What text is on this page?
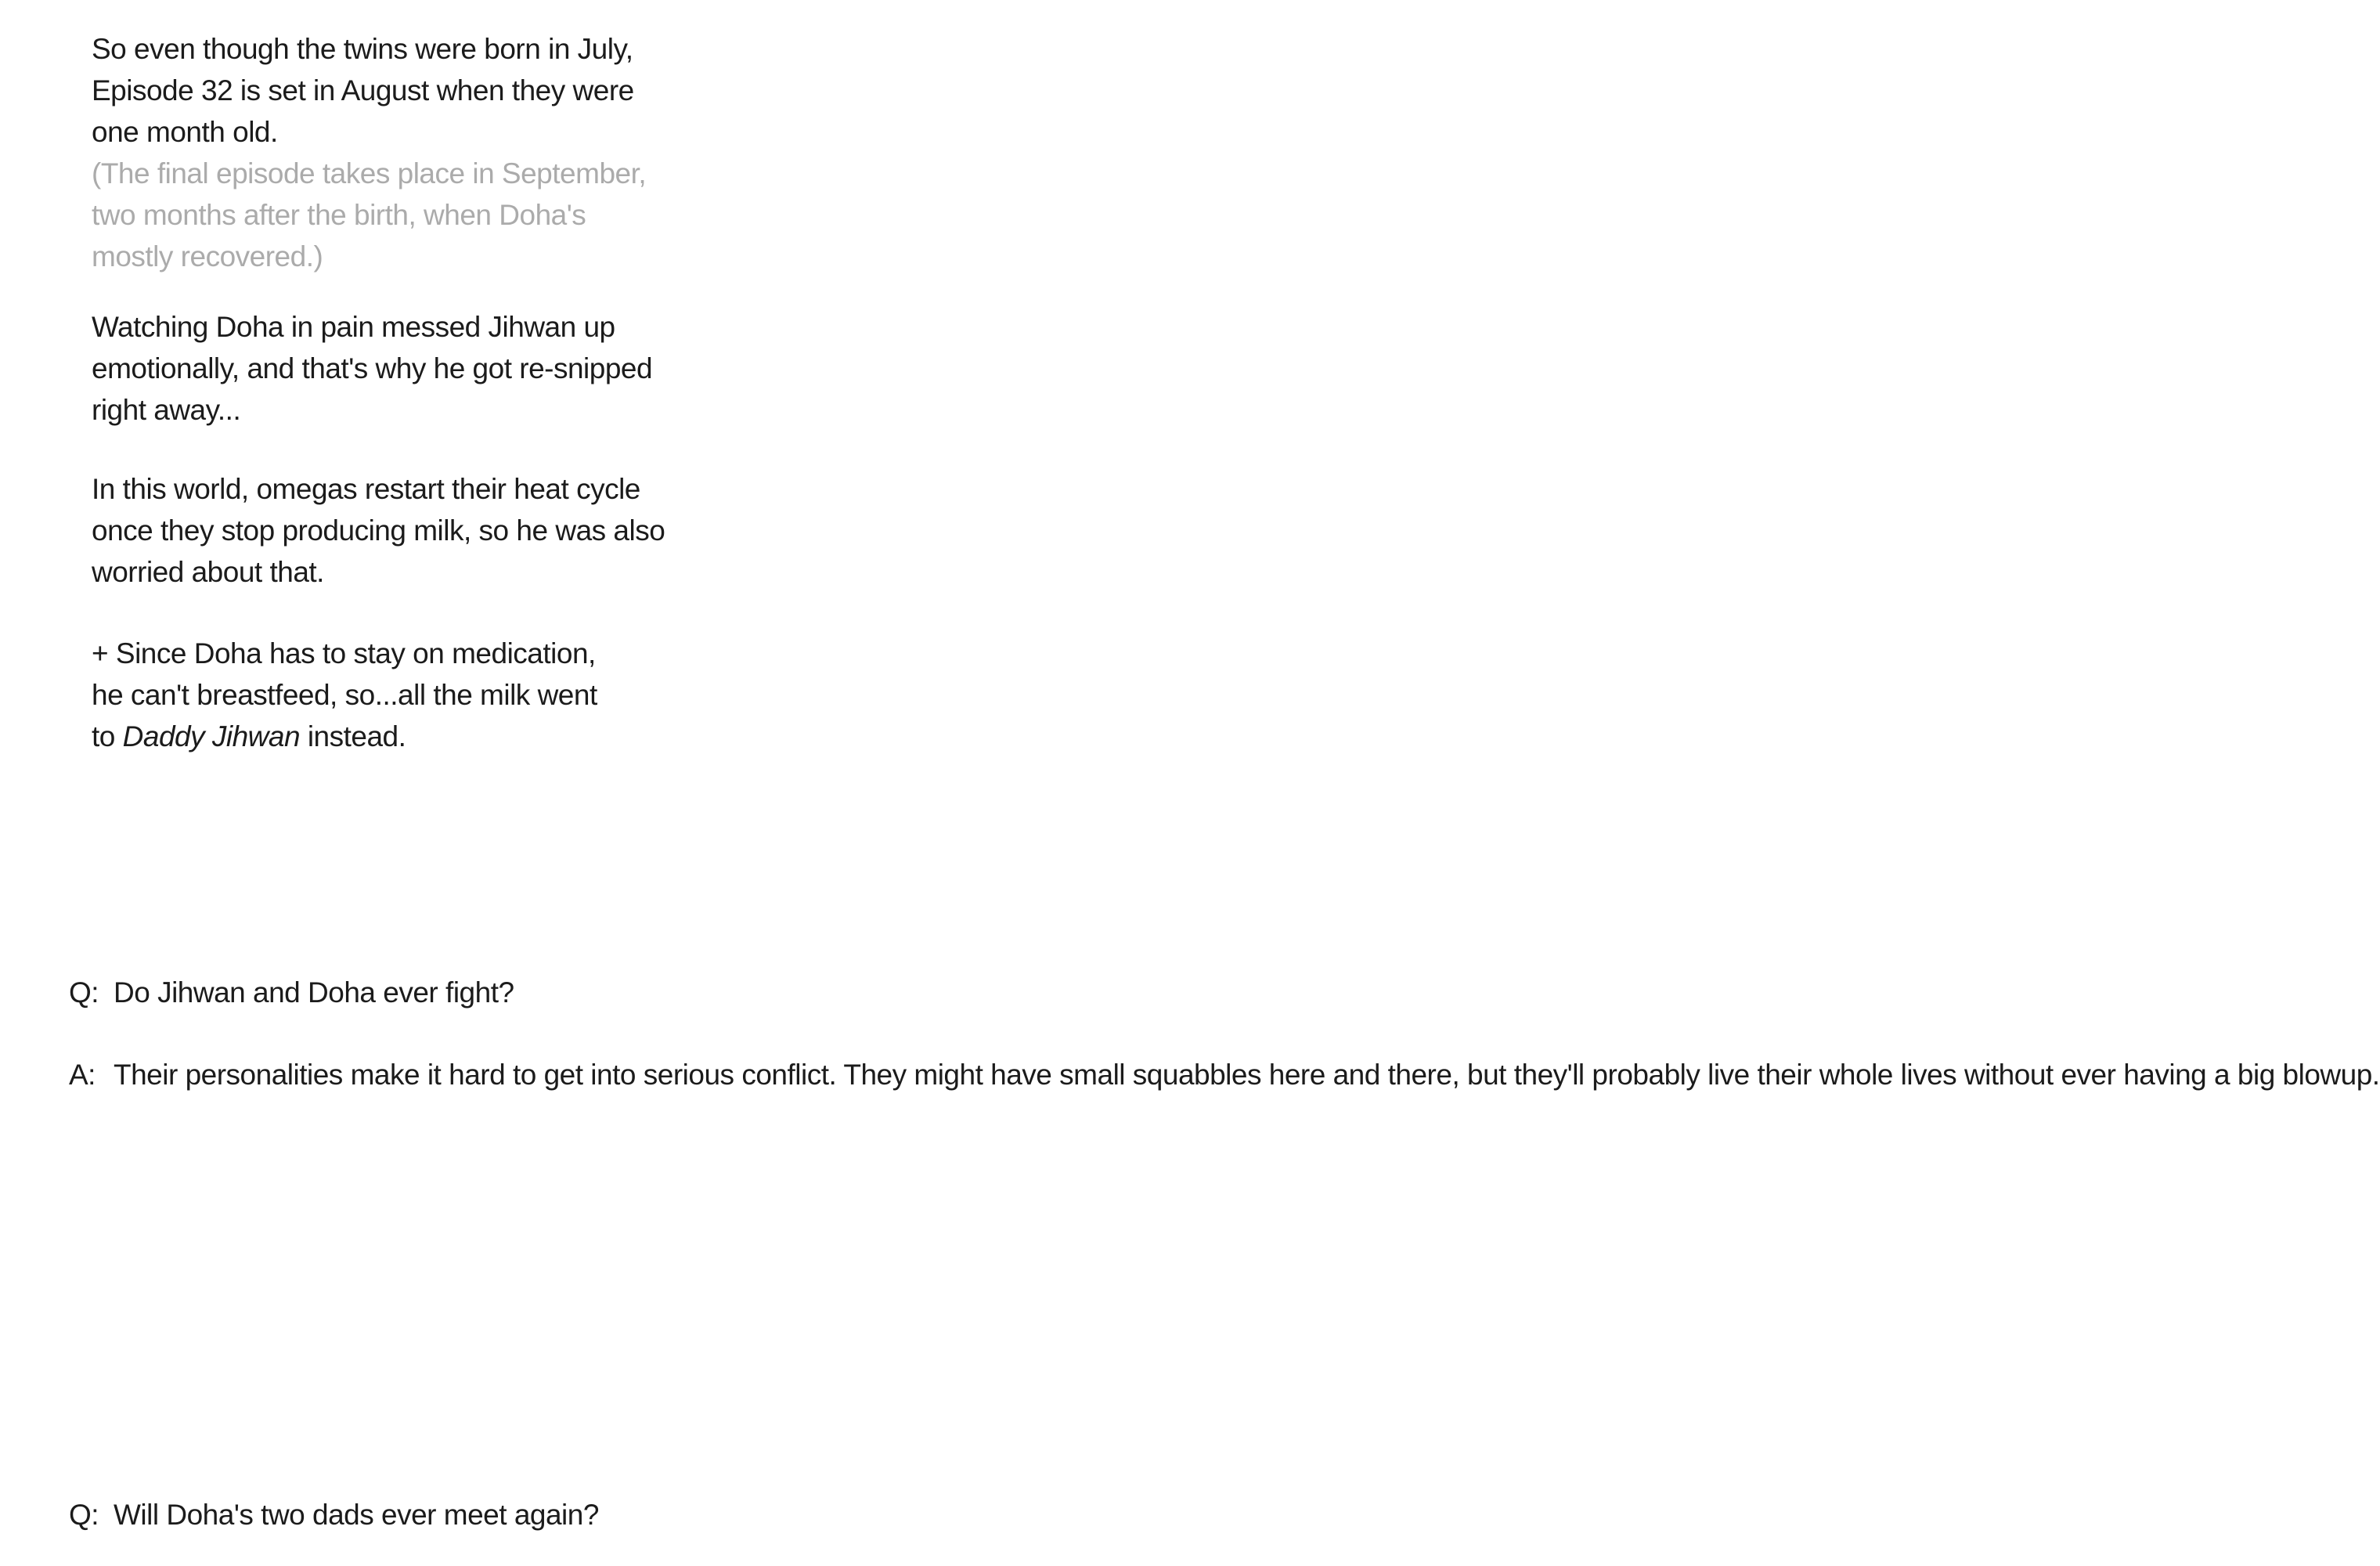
So even though the twins were born in July,
Episode 32 is set in August when they were
one month old.
(The final episode takes place in September,
two months after the birth, when Doha's
mostly recovered.)
Watching Doha in pain messed Jihwan up
emotionally, and that's why he got re-snipped
right away...
In this world, omegas restart their heat cycle
once they stop producing milk, so he was also
worried about that.
+ Since Doha has to stay on medication,
he can't breastfeed, so...all the milk went
to Daddy Jihwan instead.
Q: Do Jihwan and Doha ever fight?
A: Their personalities make it hard to get into serious conflict. They might have small squabbles here and there, but they'll probably live their whole lives without ever having a big blowup.
Q: Will Doha's two dads ever meet again?
